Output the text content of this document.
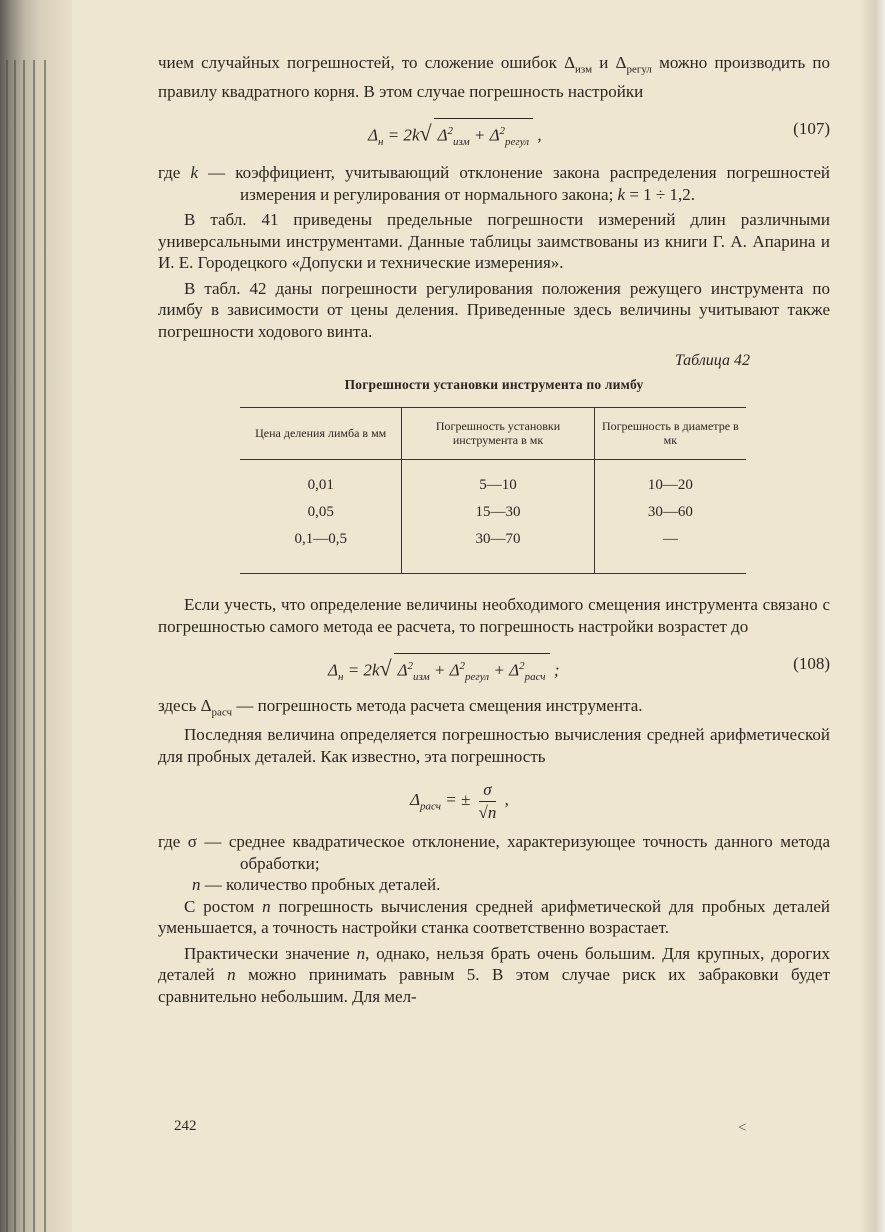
чием случайных погрешностей, то сложение ошибок $\Delta_{изм}$ и $\Delta_{регул}$ можно производить по правилу квадратного корня. В этом случае погрешность настройки

$\Delta_н = 2k√$ $\Delta^2_{изм} + \Delta^2_{регул}$ ,	(107)

где k — коэффициент, учитывающий отклонение закона распределения погрешностей измерения и регулирования от нормального закона; k = 1 ÷ 1,2.

В табл. 41 приведены предельные погрешности измерений длин различными универсальными инструментами. Данные таблицы заимствованы из книги Г. А. Апарина и И. Е. Городецкого «Допуски и технические измерения».

В табл. 42 даны погрешности регулирования положения режущего инструмента по лимбу в зависимости от цены деления. Приведенные здесь величины учитывают также погрешности ходового винта.

Таблица 42
Погрешности установки инструмента по лимбу
Цена деления лимба в мм	Погрешность установки инструмента в мк	Погрешность в диаметре в мк
0,01	5—10	10—20
0,05	15—30	30—60
0,1—0,5	30—70	—

Если учесть, что определение величины необходимого смещения инструмента связано с погрешностью самого метода ее расчета, то погрешность настройки возрастет до

$\Delta_н = 2k√$ $\Delta^2_{изм} + \Delta^2_{регул} + \Delta^2_{расч}$ ;	(108)

здесь $\Delta_{расч}$ — погрешность метода расчета смещения инструмента.

Последняя величина определяется погрешностью вычисления средней арифметической для пробных деталей. Как известно, эта погрешность

$\Delta_{расч}$ = ± $\frac{\sigma}{√n}$ ,

где σ — среднее квадратическое отклонение, характеризующее точность данного метода обработки;

n — количество пробных деталей.

С ростом n погрешность вычисления средней арифметической для пробных деталей уменьшается, а точность настройки станка соответственно возрастает.

Практически значение n, однако, нельзя брать очень большим. Для крупных, дорогих деталей n можно принимать равным 5. В этом случае риск их забраковки будет сравнительно небольшим. Для мел-

242	<
